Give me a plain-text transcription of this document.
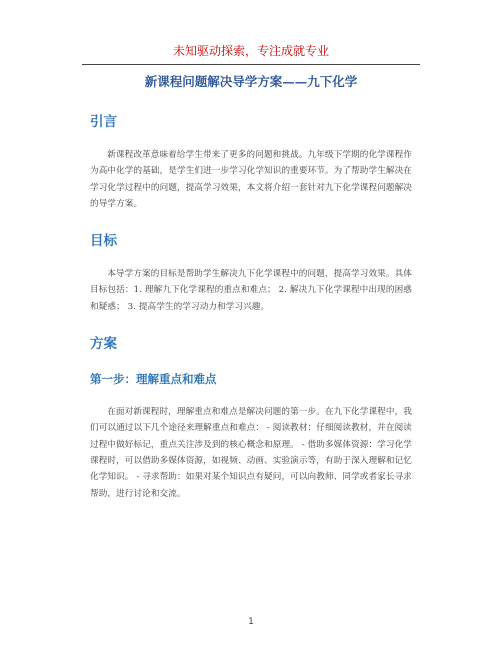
未知驱动探索，专注成就专业
新课程问题解决导学方案——九下化学
引言

新课程改革意味着给学生带来了更多的问题和挑战。九年级下学期的化学课程作为高中化学的基础，是学生们进一步学习化学知识的重要环节。为了帮助学生解决在学习化学过程中的问题，提高学习效果，本文将介绍一套针对九下化学课程问题解决的导学方案。

目标

本导学方案的目标是帮助学生解决九下化学课程中的问题，提高学习效果。具体目标包括：1. 理解九下化学课程的重点和难点； 2. 解决九下化学课程中出现的困惑和疑惑； 3. 提高学生的学习动力和学习兴趣。

方案
第一步：理解重点和难点

在面对新课程时，理解重点和难点是解决问题的第一步。在九下化学课程中，我们可以通过以下几个途径来理解重点和难点： - 阅读教材：仔细阅读教材，并在阅读过程中做好标记，重点关注涉及到的核心概念和原理。 - 借助多媒体资源：学习化学课程时，可以借助多媒体资源，如视频、动画、实验演示等，有助于深入理解和记忆化学知识。 - 寻求帮助：如果对某个知识点有疑问，可以向教师、同学或者家长寻求帮助，进行讨论和交流。

1
